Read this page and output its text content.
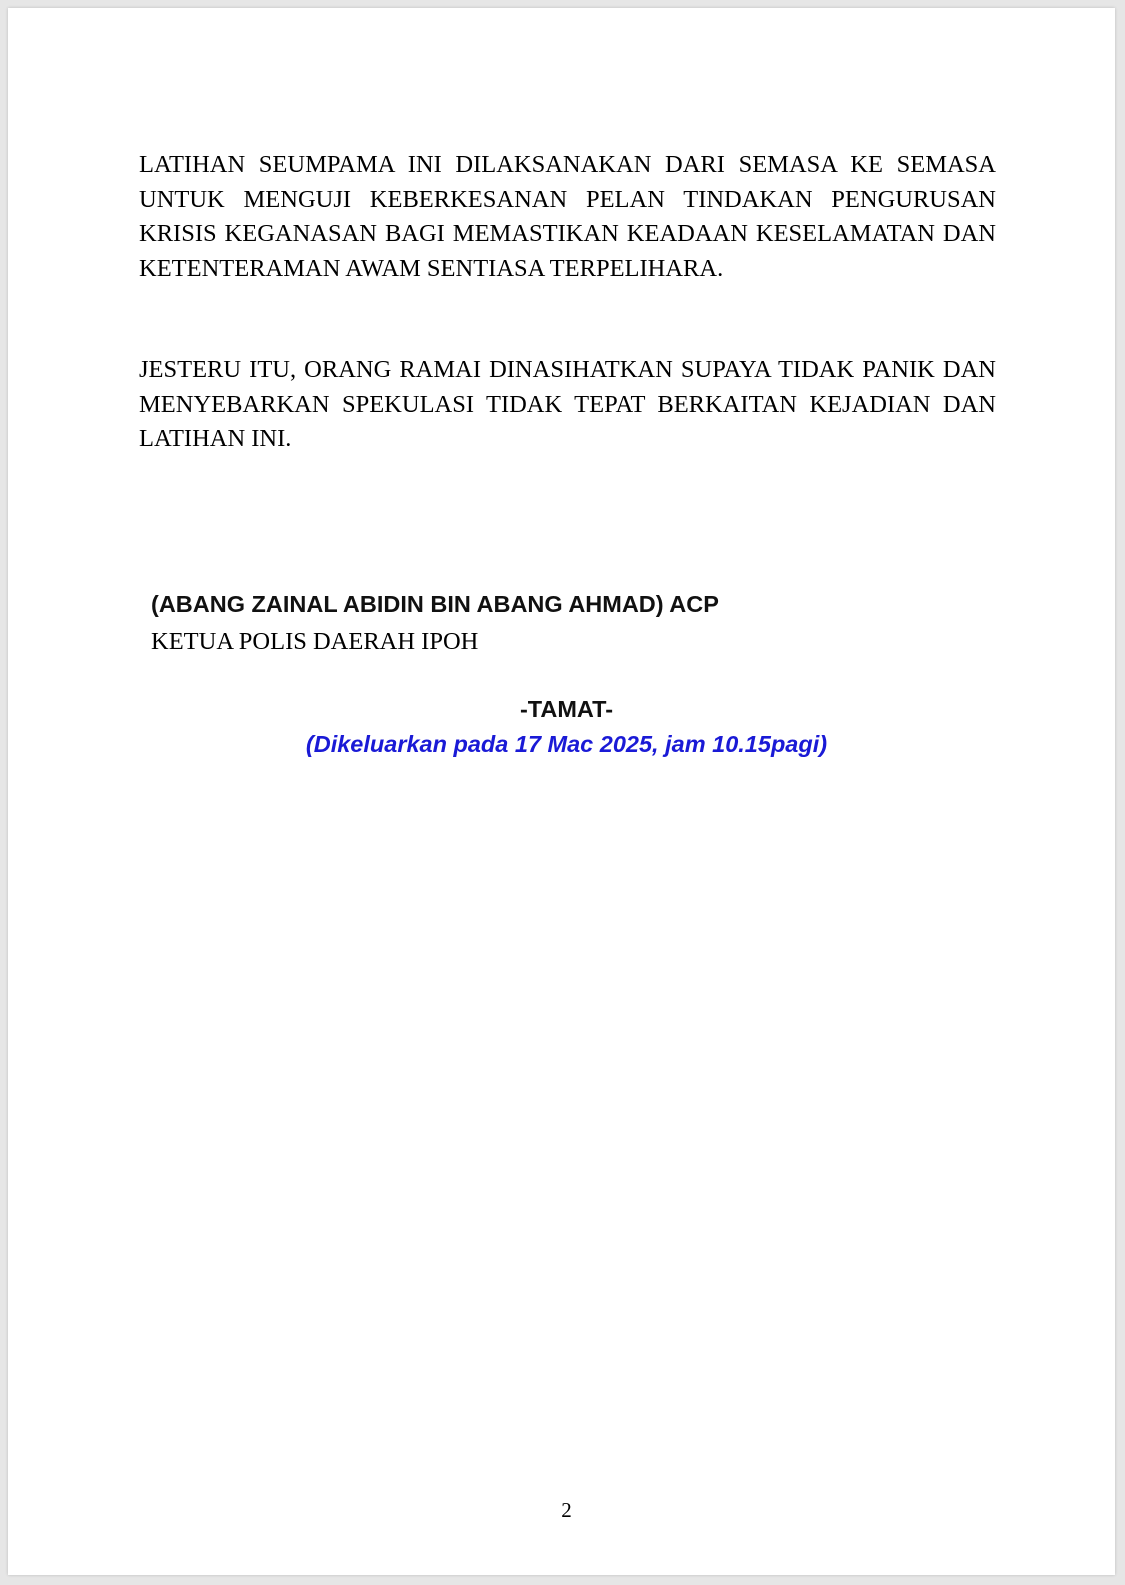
LATIHAN SEUMPAMA INI DILAKSANAKAN DARI SEMASA KE SEMASA UNTUK MENGUJI KEBERKESANAN PELAN TINDAKAN PENGURUSAN KRISIS KEGANASAN BAGI MEMASTIKAN KEADAAN KESELAMATAN DAN KETENTERAMAN AWAM SENTIASA TERPELIHARA.

JESTERU ITU, ORANG RAMAI DINASIHATKAN SUPAYA TIDAK PANIK DAN MENYEBARKAN SPEKULASI TIDAK TEPAT BERKAITAN KEJADIAN DAN LATIHAN INI.

(ABANG ZAINAL ABIDIN BIN ABANG AHMAD) ACP

KETUA POLIS DAERAH IPOH

-TAMAT-

(Dikeluarkan pada 17 Mac 2025, jam 10.15pagi)

2
